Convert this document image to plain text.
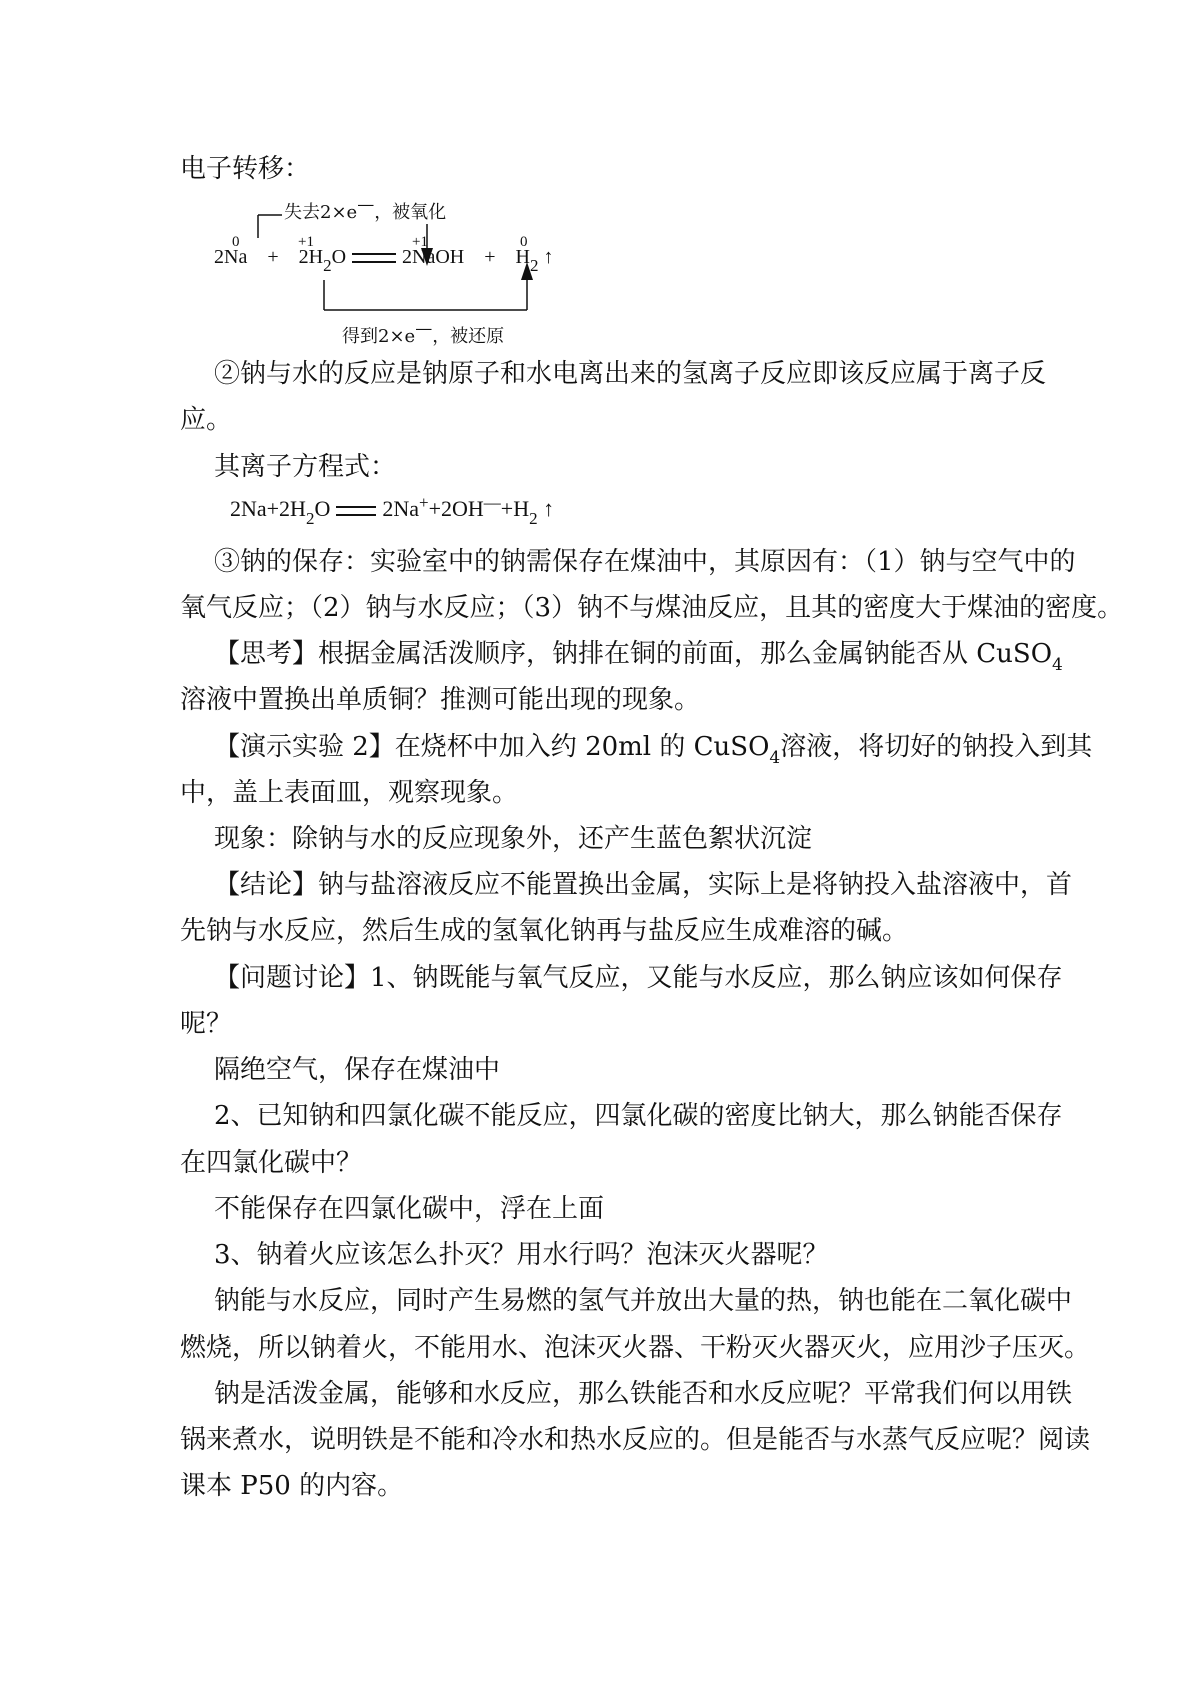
电子转移：
失去2×e—，被氧化
0	+1	+1	0
$2Na + 2H_2O$	2NaOH + $H_2$ ↑
得到2×e—，被还原
②钠与水的反应是钠原子和水电离出来的氢离子反应即该反应属于离子反
应。
其离子方程式：
$2Na+2H_2O$ $2Na^++2OH^—+H_2$ ↑
③钠的保存：实验室中的钠需保存在煤油中，其原因有：（1）钠与空气中的
氧气反应；（2）钠与水反应；（3）钠不与煤油反应，且其的密度大于煤油的密度。
【思考】根据金属活泼顺序，钠排在铜的前面，那么金属钠能否从 CuSO$_4$
溶液中置换出单质铜？推测可能出现的现象。
【演示实验 2】在烧杯中加入约 20ml 的 CuSO$_4$溶液，将切好的钠投入到其
中，盖上表面皿，观察现象。
现象：除钠与水的反应现象外，还产生蓝色絮状沉淀
【结论】钠与盐溶液反应不能置换出金属，实际上是将钠投入盐溶液中，首
先钠与水反应，然后生成的氢氧化钠再与盐反应生成难溶的碱。
【问题讨论】1、钠既能与氧气反应，又能与水反应，那么钠应该如何保存
呢？
隔绝空气，保存在煤油中
2、已知钠和四氯化碳不能反应，四氯化碳的密度比钠大，那么钠能否保存
在四氯化碳中？
不能保存在四氯化碳中，浮在上面
3、钠着火应该怎么扑灭？用水行吗？泡沫灭火器呢？
钠能与水反应，同时产生易燃的氢气并放出大量的热，钠也能在二氧化碳中
燃烧，所以钠着火，不能用水、泡沫灭火器、干粉灭火器灭火，应用沙子压灭。
钠是活泼金属，能够和水反应，那么铁能否和水反应呢？平常我们何以用铁
锅来煮水，说明铁是不能和冷水和热水反应的。但是能否与水蒸气反应呢？阅读
课本 P50 的内容。
